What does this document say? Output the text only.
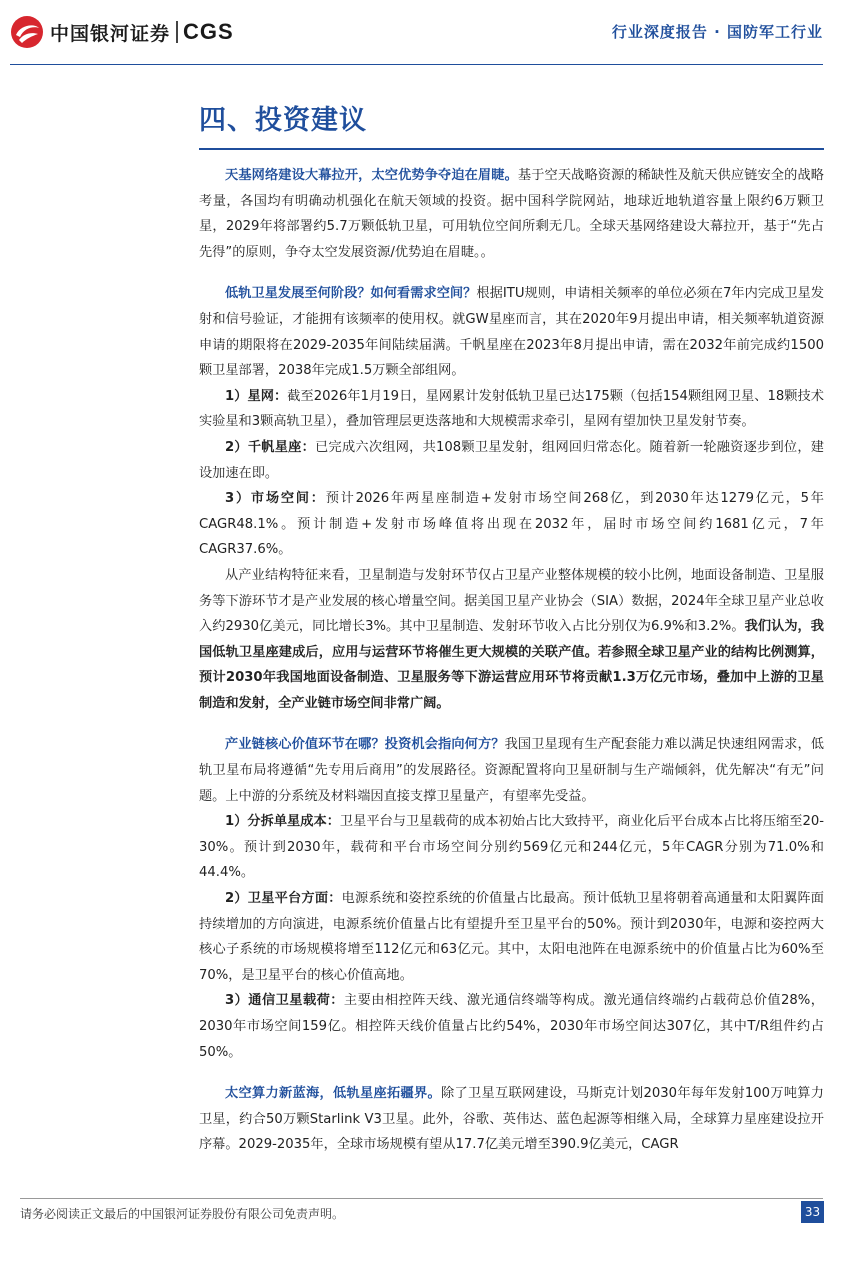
中国银河证券 CGS	行业深度报告 · 国防军工行业
四、投资建议

天基网络建设大幕拉开，太空优势争夺迫在眉睫。基于空天战略资源的稀缺性及航天供应链安全的战略考量，各国均有明确动机强化在航天领域的投资。据中国科学院网站，地球近地轨道容量上限约6万颗卫星，2029年将部署约5.7万颗低轨卫星，可用轨位空间所剩无几。全球天基网络建设大幕拉开，基于“先占先得”的原则，争夺太空发展资源/优势迫在眉睫。。

低轨卫星发展至何阶段？如何看需求空间？根据ITU规则，申请相关频率的单位必须在7年内完成卫星发射和信号验证，才能拥有该频率的使用权。就GW星座而言，其在2020年9月提出申请，相关频率轨道资源申请的期限将在2029-2035年间陆续届满。千帆星座在2023年8月提出申请，需在2032年前完成约1500颗卫星部署，2038年完成1.5万颗全部组网。

1）星网：截至2026年1月19日，星网累计发射低轨卫星已达175颗（包括154颗组网卫星、18颗技术实验星和3颗高轨卫星），叠加管理层更迭落地和大规模需求牵引，星网有望加快卫星发射节奏。

2）千帆星座：已完成六次组网，共108颗卫星发射，组网回归常态化。随着新一轮融资逐步到位，建设加速在即。

3）市场空间：预计2026年两星座制造+发射市场空间268亿，到2030年达1279亿元，5年CAGR48.1%。预计制造+发射市场峰值将出现在2032年，届时市场空间约1681亿元，7年CAGR37.6%。

从产业结构特征来看，卫星制造与发射环节仅占卫星产业整体规模的较小比例，地面设备制造、卫星服务等下游环节才是产业发展的核心增量空间。据美国卫星产业协会（SIA）数据，2024年全球卫星产业总收入约2930亿美元，同比增长3%。其中卫星制造、发射环节收入占比分别仅为6.9%和3.2%。我们认为，我国低轨卫星座建成后，应用与运营环节将催生更大规模的关联产值。若参照全球卫星产业的结构比例测算，预计2030年我国地面设备制造、卫星服务等下游运营应用环节将贡献1.3万亿元市场，叠加中上游的卫星制造和发射，全产业链市场空间非常广阔。

产业链核心价值环节在哪？投资机会指向何方？我国卫星现有生产配套能力难以满足快速组网需求，低轨卫星布局将遵循“先专用后商用”的发展路径。资源配置将向卫星研制与生产端倾斜，优先解决“有无”问题。上中游的分系统及材料端因直接支撑卫星量产，有望率先受益。

1）分拆单星成本：卫星平台与卫星载荷的成本初始占比大致持平，商业化后平台成本占比将压缩至20-30%。预计到2030年，载荷和平台市场空间分别约569亿元和244亿元，5年CAGR分别为71.0%和44.4%。

2）卫星平台方面：电源系统和姿控系统的价值量占比最高。预计低轨卫星将朝着高通量和太阳翼阵面持续增加的方向演进，电源系统价值量占比有望提升至卫星平台的50%。预计到2030年，电源和姿控两大核心子系统的市场规模将增至112亿元和63亿元。其中，太阳电池阵在电源系统中的价值量占比为60%至70%，是卫星平台的核心价值高地。

3）通信卫星载荷：主要由相控阵天线、激光通信终端等构成。激光通信终端约占载荷总价值28%，2030年市场空间159亿。相控阵天线价值量占比约54%，2030年市场空间达307亿，其中T/R组件约占50%。

太空算力新蓝海，低轨星座拓疆界。除了卫星互联网建设，马斯克计划2030年每年发射100万吨算力卫星，约合50万颗Starlink V3卫星。此外，谷歌、英伟达、蓝色起源等相继入局，全球算力星座建设拉开序幕。2029-2035年，全球市场规模有望从17.7亿美元增至390.9亿美元，CAGR

请务必阅读正文最后的中国银河证券股份有限公司免责声明。	33
